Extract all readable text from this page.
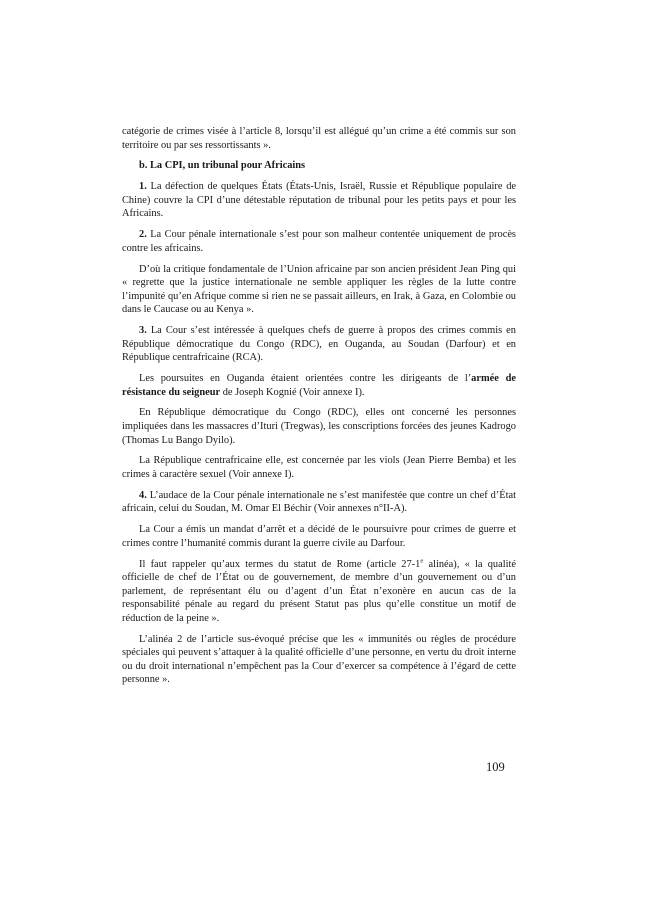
catégorie de crimes visée à l’article 8, lorsqu’il est allégué qu’un crime a été commis sur son territoire ou par ses ressortissants ».

b. La CPI, un tribunal pour Africains

1. La défection de quelques États (États-Unis, Israël, Russie et République populaire de Chine) couvre la CPI d’une détestable réputation de tribunal pour les petits pays et pour les Africains.

2. La Cour pénale internationale s’est pour son malheur contentée uniquement de procès contre les africains.

D’où la critique fondamentale de l’Union africaine par son ancien président Jean Ping qui « regrette que la justice internationale ne semble appliquer les règles de la lutte contre l’impunité qu’en Afrique comme si rien ne se passait ailleurs, en Irak, à Gaza, en Colombie ou dans le Caucase ou au Kenya ».

3. La Cour s’est intéressée à quelques chefs de guerre à propos des crimes commis en République démocratique du Congo (RDC), en Ouganda, au Soudan (Darfour) et en République centrafricaine (RCA).

Les poursuites en Ouganda étaient orientées contre les dirigeants de l’armée de résistance du seigneur de Joseph Kognié (Voir annexe I).

En République démocratique du Congo (RDC), elles ont concerné les personnes impliquées dans les massacres d’Ituri (Tregwas), les conscriptions forcées des jeunes Kadrogo (Thomas Lu Bango Dyilo).

La République centrafricaine elle, est concernée par les viols (Jean Pierre Bemba) et les crimes à caractère sexuel (Voir annexe I).

4. L’audace de la Cour pénale internationale ne s’est manifestée que contre un chef d’État africain, celui du Soudan, M. Omar El Béchir (Voir annexes n°II-A).

La Cour a émis un mandat d’arrêt et a décidé de le poursuivre pour crimes de guerre et crimes contre l’humanité commis durant la guerre civile au Darfour.

Il faut rappeler qu’aux termes du statut de Rome (article 27-1e alinéa), « la qualité officielle de chef de l’État ou de gouvernement, de membre d’un gouvernement ou d’un parlement, de représentant élu ou d’agent d’un État n’exonère en aucun cas de la responsabilité pénale au regard du présent Statut pas plus qu’elle constitue un motif de réduction de la peine ».

L’alinéa 2 de l’article sus-évoqué précise que les « immunités ou règles de procédure spéciales qui peuvent s’attaquer à la qualité officielle d’une personne, en vertu du droit interne ou du droit international n’empêchent pas la Cour d’exercer sa compétence à l’égard de cette personne ».

109
